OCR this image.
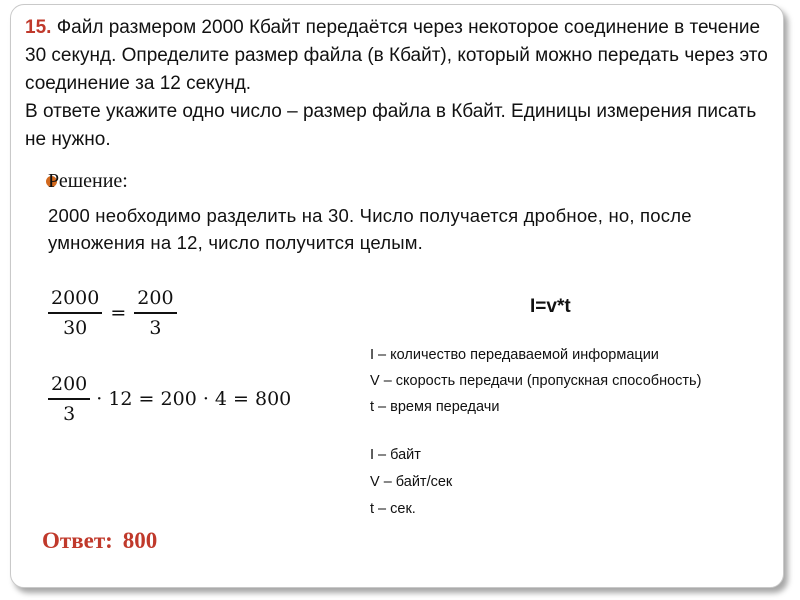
15. Файл размером 2000 Кбайт передаётся через некоторое соединение в течение 30 секунд. Определите размер файла (в Кбайт), который можно передать через это соединение за 12 секунд.
В ответе укажите одно число – размер файла в Кбайт. Единицы измерения писать не нужно.
Решение:
2000 необходимо разделить на 30. Число получается дробное, но, после умножения на 12, число получится целым.
$\frac{2000}{30} = \frac{200}{3}$
$\frac{200}{3} \cdot 12 = 200 \cdot 4 = 800$
I=v*t
I – количество передаваемой информации
V – скорость передачи (пропускная способность)
t – время передачи
I – байт
V – байт/сек
t – сек.
Ответ: 800
